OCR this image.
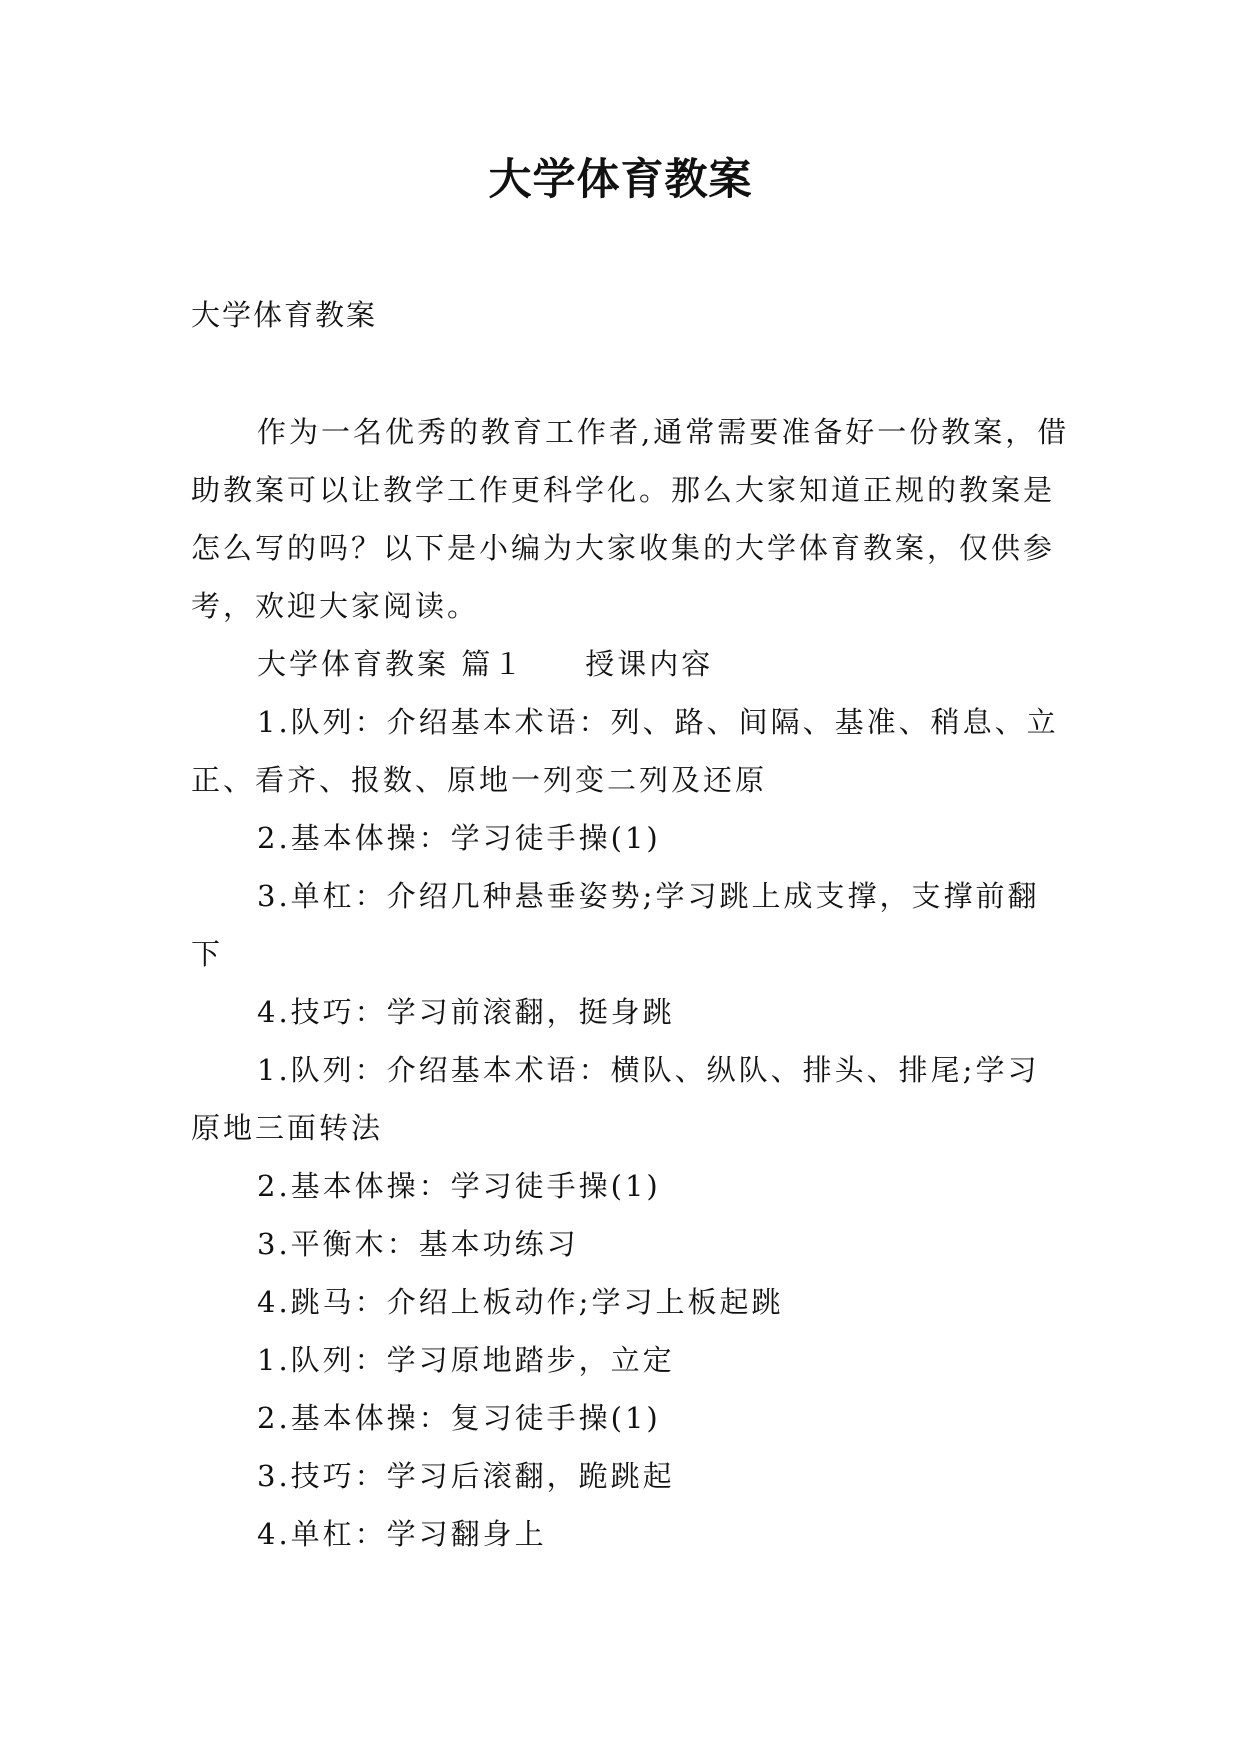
大学体育教案

大学体育教案

作为一名优秀的教育工作者,通常需要准备好一份教案，借助教案可以让教学工作更科学化。那么大家知道正规的教案是怎么写的吗？以下是小编为大家收集的大学体育教案，仅供参考，欢迎大家阅读。

大学体育教案 篇１ 授课内容

1.队列：介绍基本术语：列、路、间隔、基准、稍息、立正、看齐、报数、原地一列变二列及还原

2.基本体操：学习徒手操(1)

3.单杠：介绍几种悬垂姿势;学习跳上成支撑，支撑前翻下

4.技巧：学习前滚翻，挺身跳

1.队列：介绍基本术语：横队、纵队、排头、排尾;学习原地三面转法

2.基本体操：学习徒手操(1)

3.平衡木：基本功练习

4.跳马：介绍上板动作;学习上板起跳

1.队列：学习原地踏步，立定

2.基本体操：复习徒手操(1)

3.技巧：学习后滚翻，跪跳起

4.单杠：学习翻身上
